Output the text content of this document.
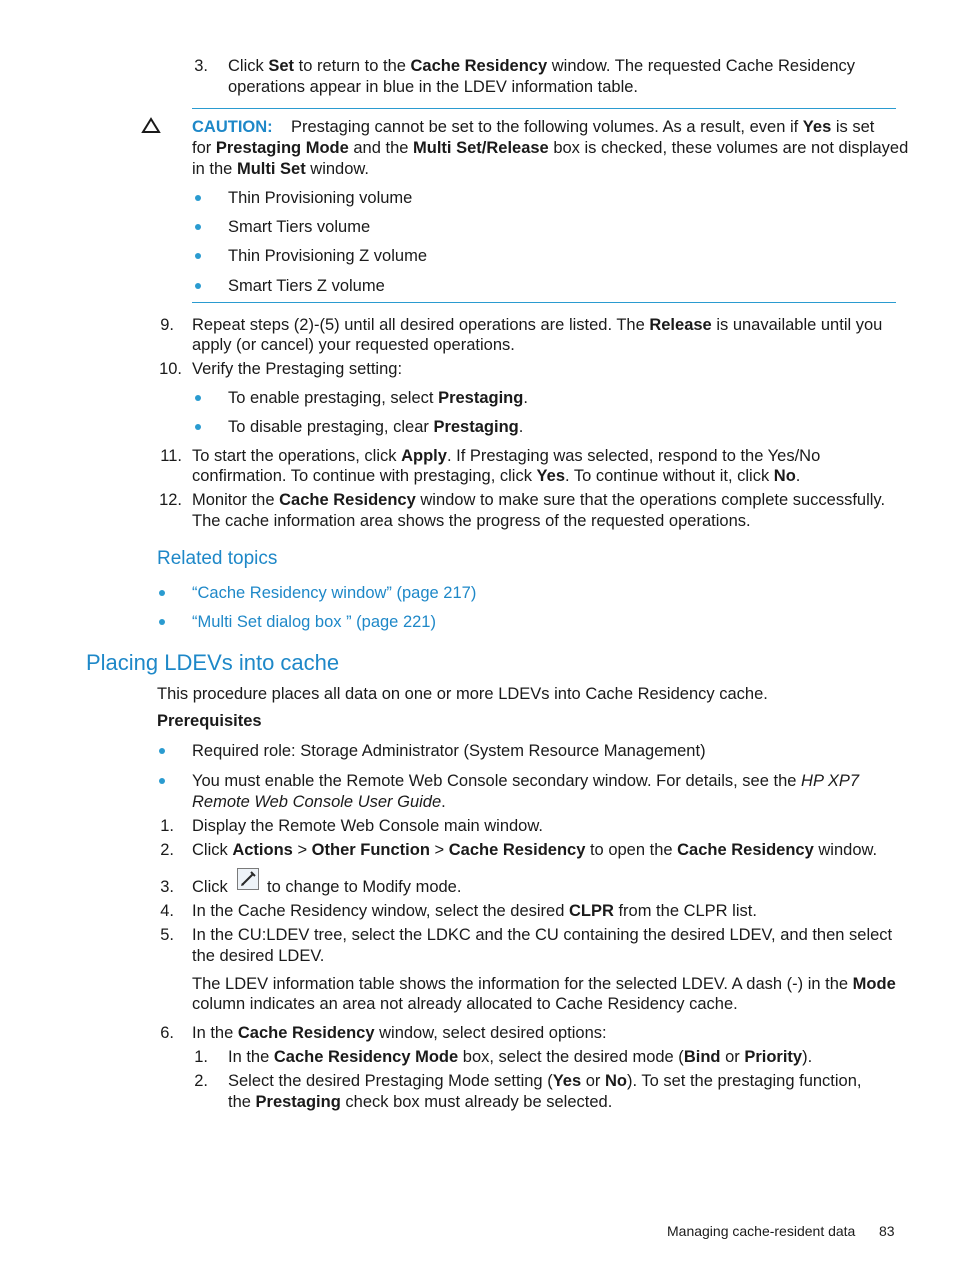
3. Click Set to return to the Cache Residency window. The requested Cache Residency
operations appear in blue in the LDEV information table.
CAUTION: Prestaging cannot be set to the following volumes. As a result, even if Yes is set
for Prestaging Mode and the Multi Set/Release box is checked, these volumes are not displayed
in the Multi Set window.
Thin Provisioning volume
Smart Tiers volume
Thin Provisioning Z volume
Smart Tiers Z volume
9. Repeat steps (2)-(5) until all desired operations are listed. The Release is unavailable until you
apply (or cancel) your requested operations.
10. Verify the Prestaging setting:
To enable prestaging, select Prestaging.
To disable prestaging, clear Prestaging.
11. To start the operations, click Apply. If Prestaging was selected, respond to the Yes/No
confirmation. To continue with prestaging, click Yes. To continue without it, click No.
12. Monitor the Cache Residency window to make sure that the operations complete successfully.
The cache information area shows the progress of the requested operations.
Related topics
“Cache Residency window” (page 217)
“Multi Set dialog box ” (page 221)
Placing LDEVs into cache
This procedure places all data on one or more LDEVs into Cache Residency cache.
Prerequisites
Required role: Storage Administrator (System Resource Management)
You must enable the Remote Web Console secondary window. For details, see the HP XP7
Remote Web Console User Guide.
1. Display the Remote Web Console main window.
2. Click Actions > Other Function > Cache Residency to open the Cache Residency window.
3. Click to change to Modify mode.
4. In the Cache Residency window, select the desired CLPR from the CLPR list.
5. In the CU:LDEV tree, select the LDKC and the CU containing the desired LDEV, and then select
the desired LDEV.
The LDEV information table shows the information for the selected LDEV. A dash (-) in the Mode
column indicates an area not already allocated to Cache Residency cache.
6. In the Cache Residency window, select desired options:
1. In the Cache Residency Mode box, select the desired mode (Bind or Priority).
2. Select the desired Prestaging Mode setting (Yes or No). To set the prestaging function,
the Prestaging check box must already be selected.
Managing cache-resident data 83
